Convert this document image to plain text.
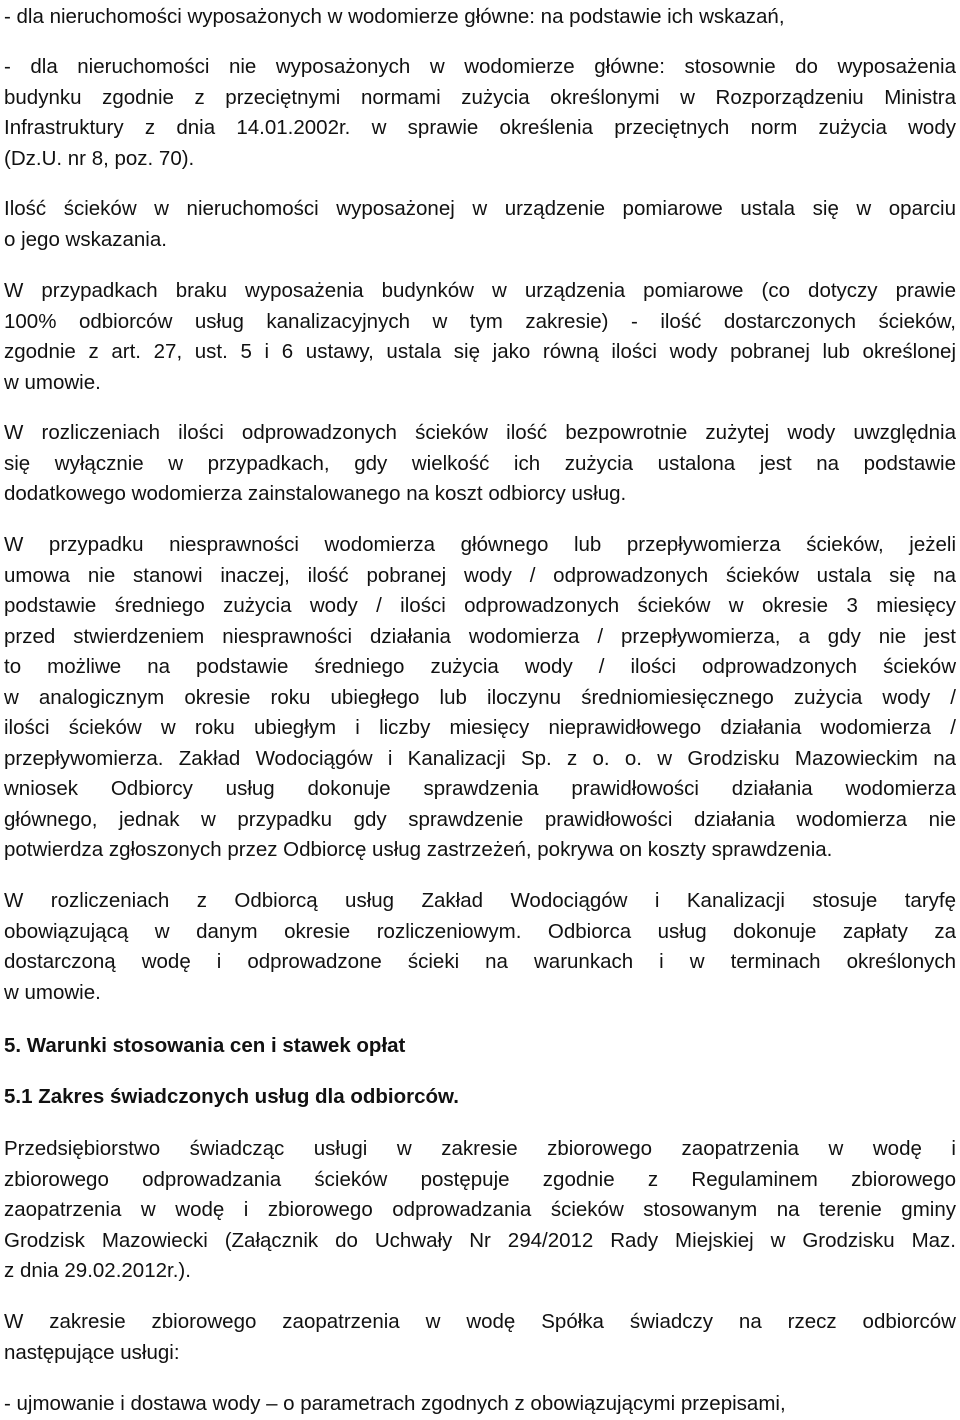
- dla nieruchomości wyposażonych w wodomierze główne: na podstawie ich wskazań,
- dla nieruchomości nie wyposażonych w wodomierze główne: stosownie do wyposażenia
budynku zgodnie z przeciętnymi normami zużycia określonymi w Rozporządzeniu Ministra
Infrastruktury z dnia 14.01.2002r. w sprawie określenia przeciętnych norm zużycia wody
(Dz.U. nr 8, poz. 70).
Ilość ścieków w nieruchomości wyposażonej w urządzenie pomiarowe ustala się w oparciu
o jego wskazania.
W przypadkach braku wyposażenia budynków w urządzenia pomiarowe (co dotyczy prawie
100% odbiorców usług kanalizacyjnych w tym zakresie) - ilość dostarczonych ścieków,
zgodnie z art. 27, ust. 5 i 6 ustawy, ustala się jako równą ilości wody pobranej lub określonej
w umowie.
W rozliczeniach ilości odprowadzonych ścieków ilość bezpowrotnie zużytej wody uwzględnia
się wyłącznie w przypadkach, gdy wielkość ich zużycia ustalona jest na podstawie
dodatkowego wodomierza zainstalowanego na koszt odbiorcy usług.
W przypadku niesprawności wodomierza głównego lub przepływomierza ścieków, jeżeli
umowa nie stanowi inaczej, ilość pobranej wody / odprowadzonych ścieków ustala się na
podstawie średniego zużycia wody / ilości odprowadzonych ścieków w okresie 3 miesięcy
przed stwierdzeniem niesprawności działania wodomierza / przepływomierza, a gdy nie jest
to możliwe na podstawie średniego zużycia wody / ilości odprowadzonych ścieków
w analogicznym okresie roku ubiegłego lub iloczynu średniomiesięcznego zużycia wody /
ilości ścieków w roku ubiegłym i liczby miesięcy nieprawidłowego działania wodomierza /
przepływomierza. Zakład Wodociągów i Kanalizacji Sp. z o. o. w Grodzisku Mazowieckim na
wniosek Odbiorcy usług dokonuje sprawdzenia prawidłowości działania wodomierza
głównego, jednak w przypadku gdy sprawdzenie prawidłowości działania wodomierza nie
potwierdza zgłoszonych przez Odbiorcę usług zastrzeżeń, pokrywa on koszty sprawdzenia.
W rozliczeniach z Odbiorcą usług Zakład Wodociągów i Kanalizacji stosuje taryfę
obowiązującą w danym okresie rozliczeniowym. Odbiorca usług dokonuje zapłaty za
dostarczoną wodę i odprowadzone ścieki na warunkach i w terminach określonych
w umowie.
5. Warunki stosowania cen i stawek opłat
5.1 Zakres świadczonych usług dla odbiorców.
Przedsiębiorstwo świadcząc usługi w zakresie zbiorowego zaopatrzenia w wodę i
zbiorowego odprowadzania ścieków postępuje zgodnie z Regulaminem zbiorowego
zaopatrzenia w wodę i zbiorowego odprowadzania ścieków stosowanym na terenie gminy
Grodzisk Mazowiecki (Załącznik do Uchwały Nr 294/2012 Rady Miejskiej w Grodzisku Maz.
z dnia 29.02.2012r.).
W zakresie zbiorowego zaopatrzenia w wodę Spółka świadczy na rzecz odbiorców
następujące usługi:
- ujmowanie i dostawa wody – o parametrach zgodnych z obowiązującymi przepisami,
